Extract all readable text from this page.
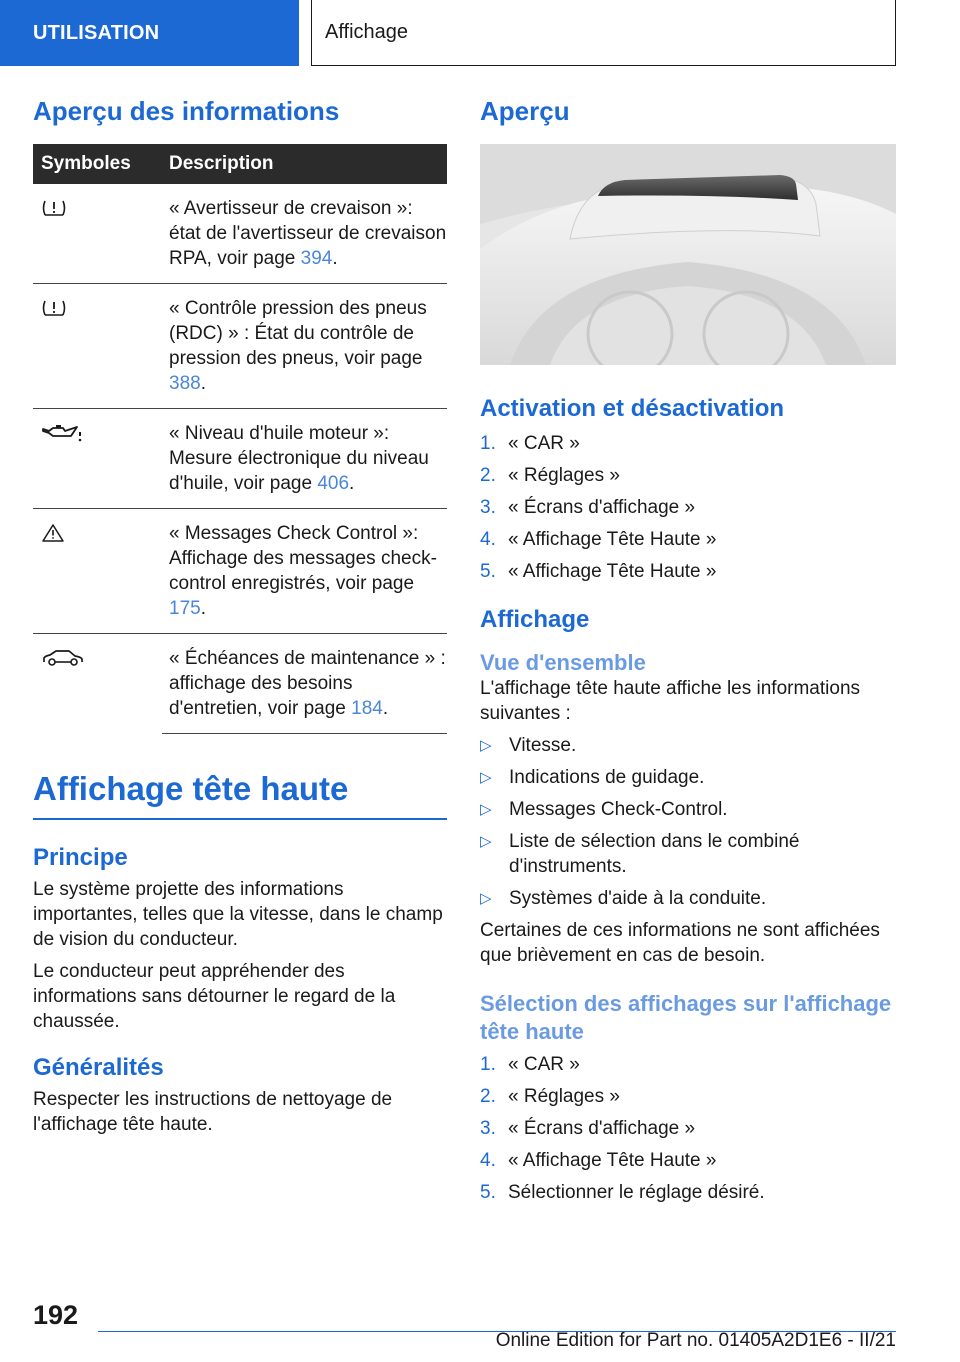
UTILISATION	Affichage
Aperçu des informations
Symboles	Description
	« Avertisseur de crevaison »: état de l'avertisseur de crevaison RPA, voir page 394.
	« Contrôle pression des pneus (RDC) » : État du contrôle de pression des pneus, voir page 388.
	« Niveau d'huile moteur »: Mesure électronique du niveau d'huile, voir page 406.
	« Messages Check Control »: Affichage des messages check-control enregistrés, voir page 175.
	« Échéances de maintenance » : affichage des besoins d'entretien, voir page 184.
Affichage tête haute
Principe

Le système projette des informations importantes, telles que la vitesse, dans le champ de vision du conducteur.

Le conducteur peut appréhender des informations sans détourner le regard de la chaussée.

Généralités

Respecter les instructions de nettoyage de l'affichage tête haute.

Aperçu
Activation et désactivation
1. « CAR »
2. « Réglages »
3. « Écrans d'affichage »
4. « Affichage Tête Haute »
5. « Affichage Tête Haute »
Affichage
Vue d'ensemble

L'affichage tête haute affiche les informations suivantes :

▷ Vitesse.
▷ Indications de guidage.
▷ Messages Check-Control.
▷ Liste de sélection dans le combiné d'instruments.
▷ Systèmes d'aide à la conduite.

Certaines de ces informations ne sont affichées que brièvement en cas de besoin.

Sélection des affichages sur l'affichage tête haute
1. « CAR »
2. « Réglages »
3. « Écrans d'affichage »
4. « Affichage Tête Haute »
5. Sélectionner le réglage désiré.
192
Online Edition for Part no. 01405A2D1E6 - II/21
